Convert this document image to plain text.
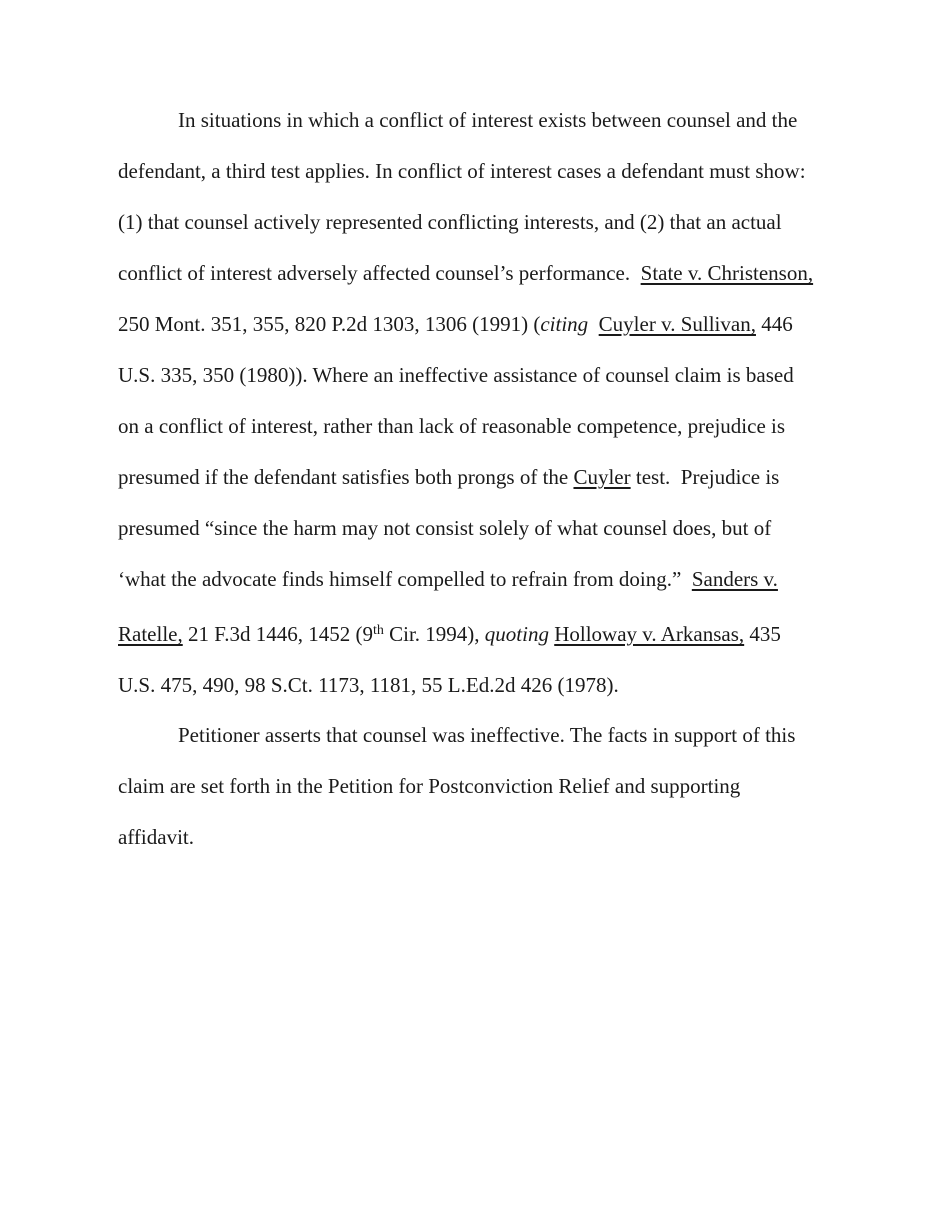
In situations in which a conflict of interest exists between counsel and the
defendant, a third test applies. In conflict of interest cases a defendant must show:
(1) that counsel actively represented conflicting interests, and (2) that an actual
conflict of interest adversely affected counsel’s performance.  State v. Christenson,
250 Mont. 351, 355, 820 P.2d 1303, 1306 (1991) (citing Cuyler v. Sullivan, 446
U.S. 335, 350 (1980)). Where an ineffective assistance of counsel claim is based
on a conflict of interest, rather than lack of reasonable competence, prejudice is
presumed if the defendant satisfies both prongs of the Cuyler test.  Prejudice is
presumed “since the harm may not consist solely of what counsel does, but of
‘what the advocate finds himself compelled to refrain from doing.”  Sanders v.
Ratelle, 21 F.3d 1446, 1452 (9th Cir. 1994), quoting Holloway v. Arkansas, 435
U.S. 475, 490, 98 S.Ct. 1173, 1181, 55 L.Ed.2d 426 (1978).
Petitioner asserts that counsel was ineffective. The facts in support of this
claim are set forth in the Petition for Postconviction Relief and supporting
affidavit.
